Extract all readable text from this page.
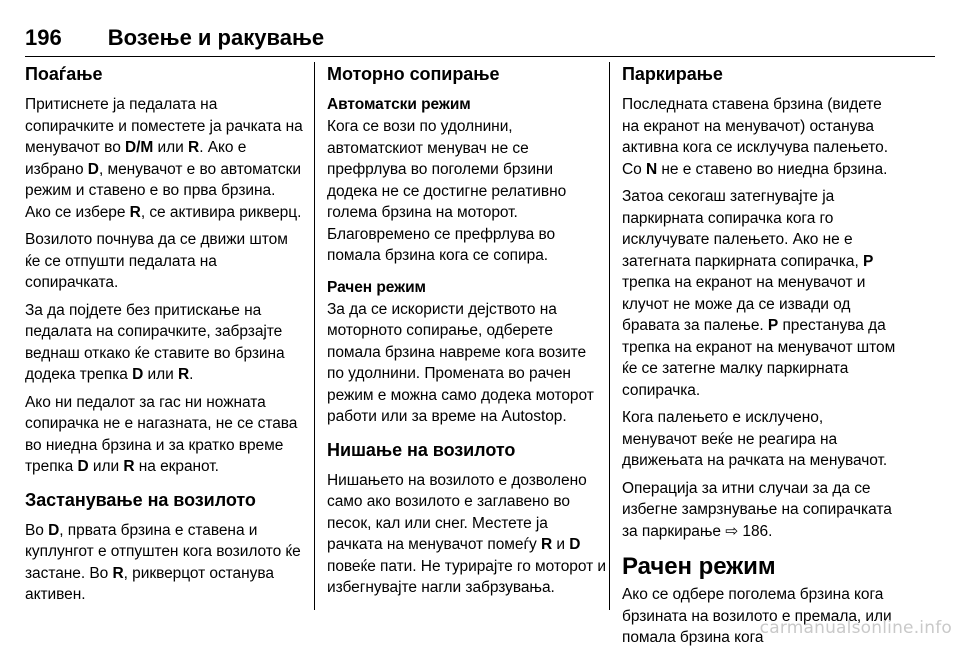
196 Возење и ракување
Поаѓање

Притиснете ја педалата на сопирачките и поместете ја рачката на менувачот во D/M или R. Ако е избрано D, менувачот е во автоматски режим и ставено е во прва брзина. Ако се избере R, се активира рикверц.

Возилото почнува да се движи штом ќе се отпушти педалата на сопирачката.

За да појдете без притискање на педалата на сопирачките, забрзајте веднаш откако ќе ставите во брзина додека трепка D или R.

Ако ни педалот за гас ни ножната сопирачка не е нагазната, не се става во ниедна брзина и за кратко време трепка D или R на екранот.

Застанување на возилото

Во D, првата брзина е ставена и куплунгот е отпуштен кога возилото ќе застане. Во R, рикверцот останува активен.

Моторно сопирање
Автоматски режим

Кога се вози по удолнини, автоматскиот менувач не се префрлува во поголеми брзини додека не се достигне релативно голема брзина на моторот. Благовремено се префрлува во помала брзина кога се сопира.

Рачен режим

За да се искористи дејството на моторното сопирање, одберете помала брзина навреме кога возите по удолнини. Промената во рачен режим е можна само додека моторот работи или за време на Autostop.

Нишање на возилото

Нишањето на возилото е дозволено само ако возилото е заглавено во песок, кал или снег. Местете ја рачката на менувачот помеѓу R и D повеќе пати. Не турирајте го моторот и избегнувајте нагли забрзувања.

Паркирање

Последната ставена брзина (видете на екранот на менувачот) останува активна кога се исклучува палењето. Со N не е ставено во ниедна брзина.

Затоа секогаш затегнувајте ја паркирната сопирачка кога го исклучувате палењето. Ако не е затегната паркирната сопирачка, P трепка на екранот на менувачот и клучот не може да се извади од бравата за палење. P престанува да трепка на екранот на менувачот штом ќе се затегне малку паркирната сопирачка.

Кога палењето е исклучено, менувачот веќе не реагира на движењата на рачката на менувачот.

Операција за итни случаи за да се избегне замрзнување на сопирачката за паркирање ⇨ 186.

Рачен режим

Ако се одбере поголема брзина кога брзината на возилото е премала, или помала брзина кога

carmanualsonline.info
